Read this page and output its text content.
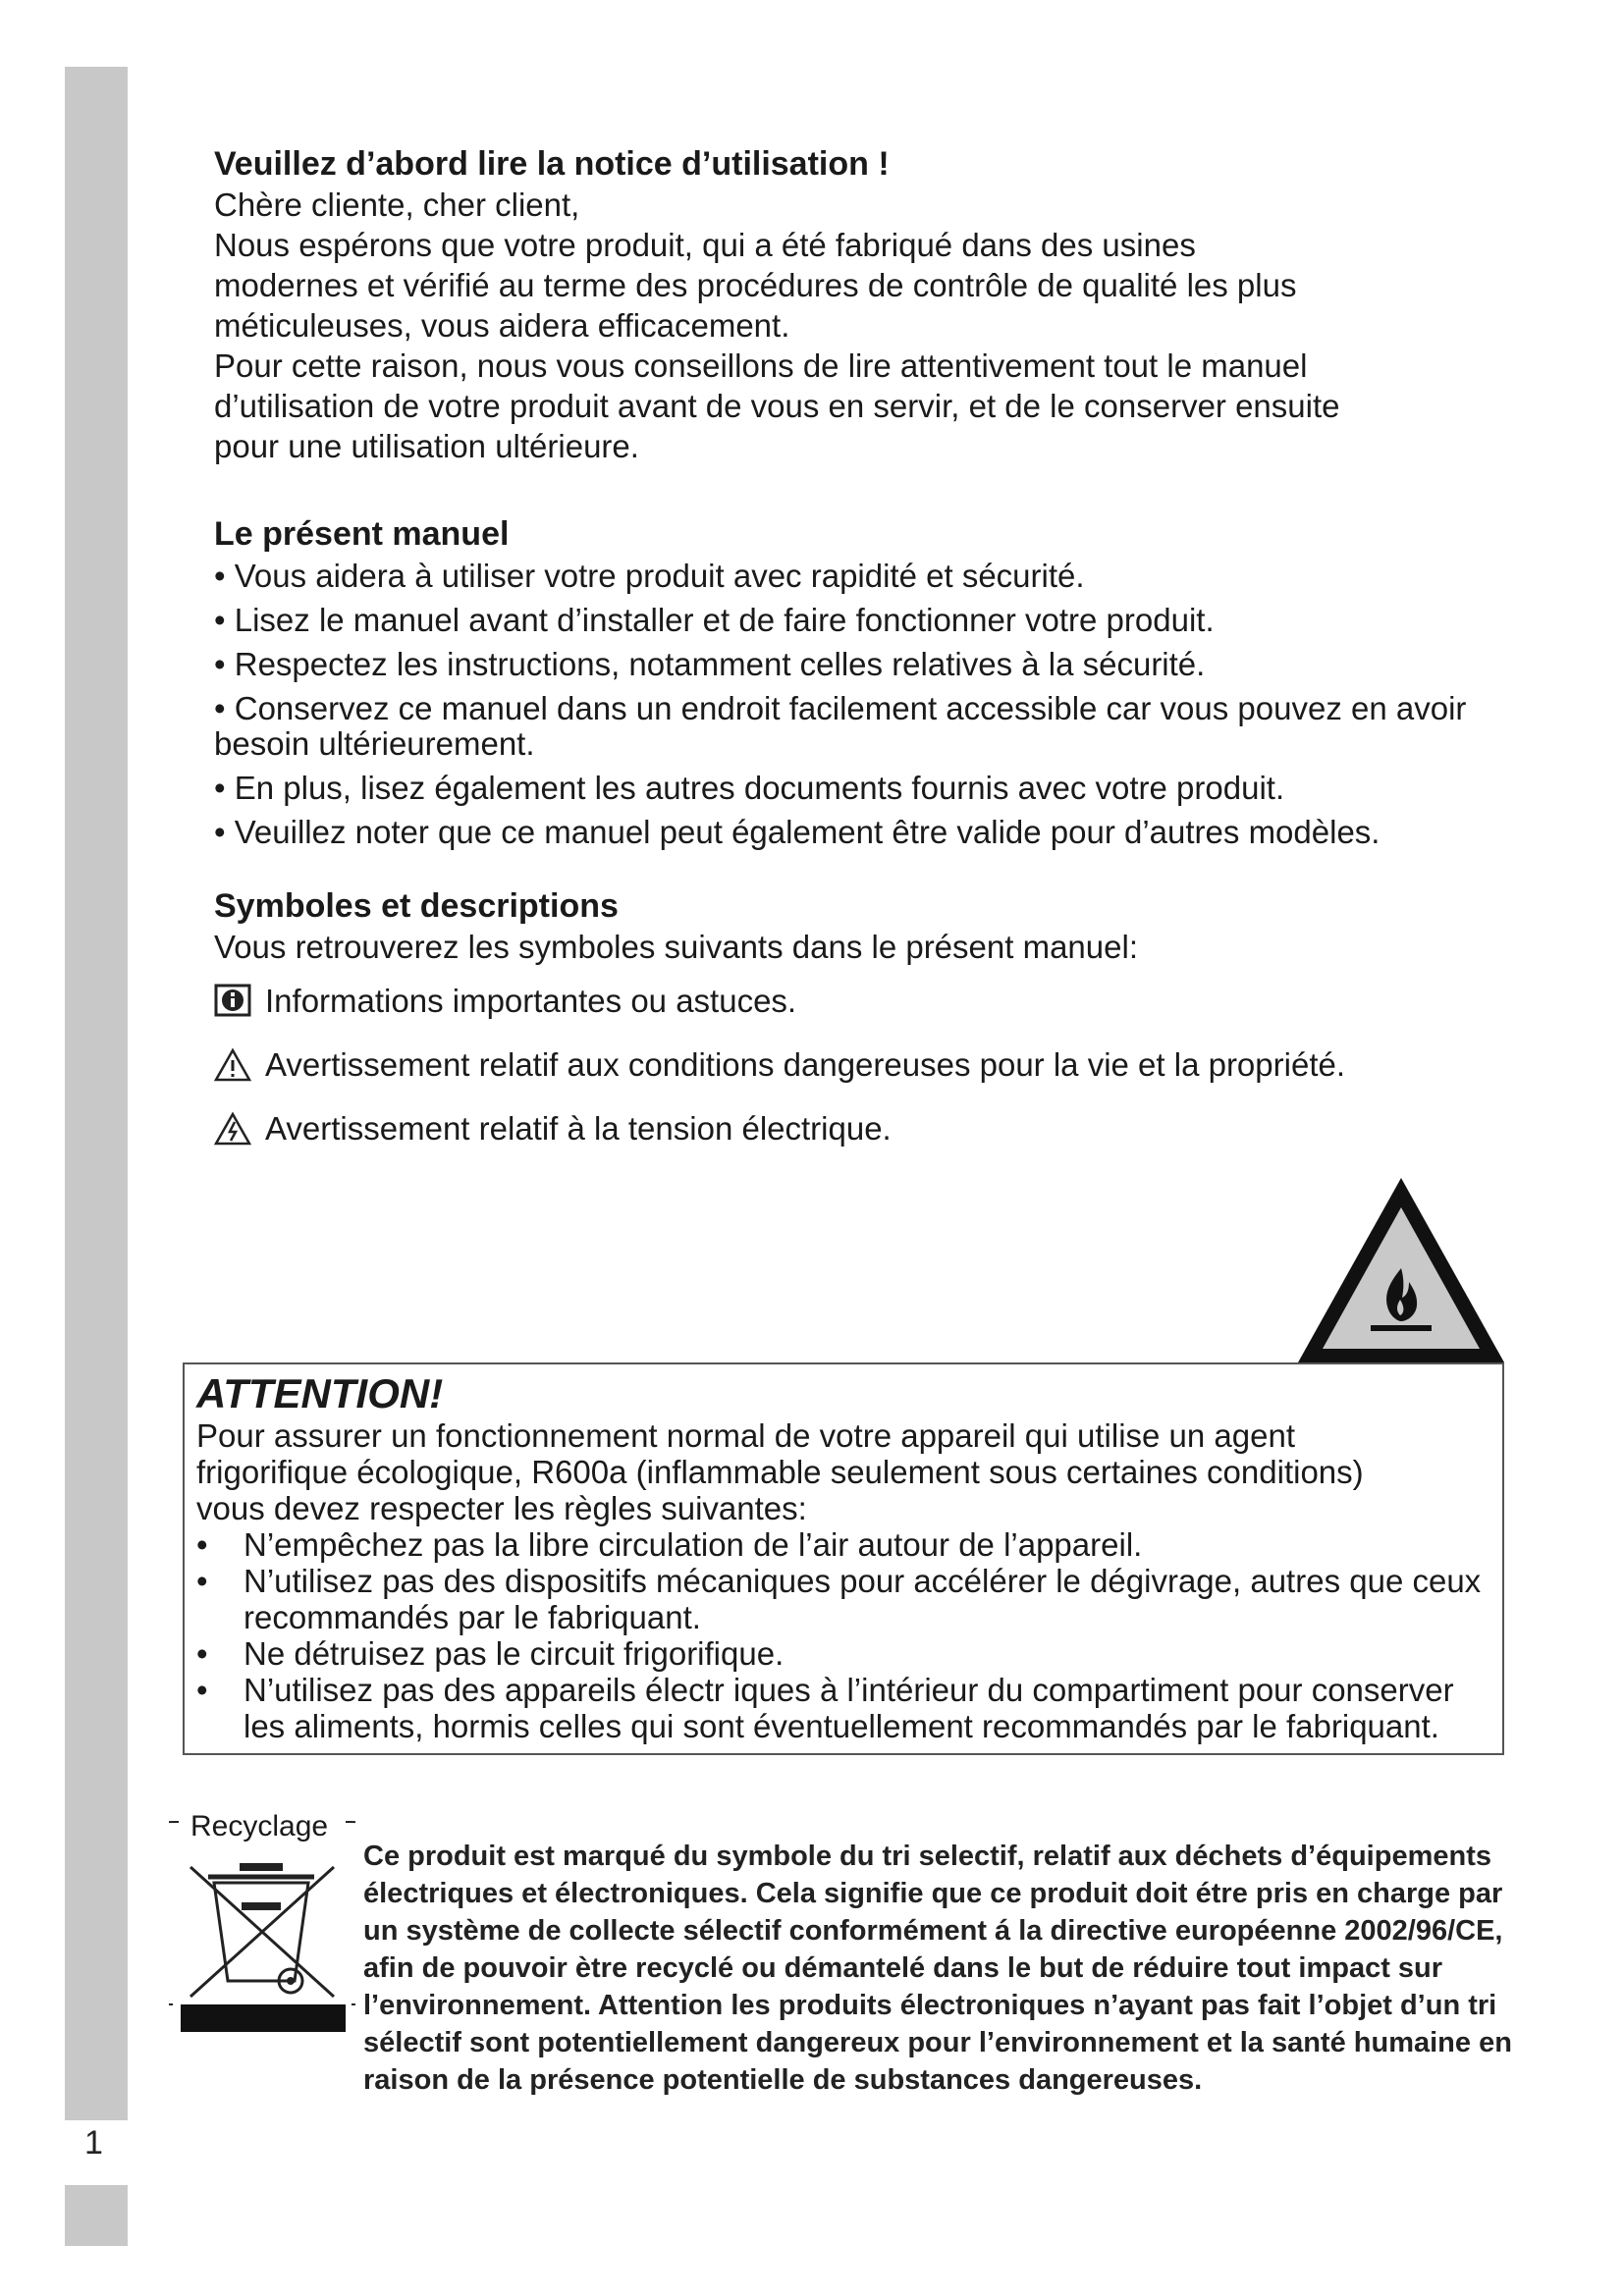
1

Veuillez d’abord lire la notice d’utilisation !

Chère cliente, cher client,

Nous espérons que votre produit, qui a été fabriqué dans des usines

modernes et vérifié au terme des procédures de contrôle de qualité les plus

méticuleuses, vous aidera efficacement.

Pour cette raison, nous vous conseillons de lire attentivement tout le manuel

d’utilisation de votre produit avant de vous en servir, et de le conserver ensuite

pour une utilisation ultérieure.

Le présent manuel

• Vous aidera à utiliser votre produit avec rapidité et sécurité.
• Lisez le manuel avant d’installer et de faire fonctionner votre produit.
• Respectez les instructions, notamment celles relatives à la sécurité.
• Conservez ce manuel dans un endroit facilement accessible car vous pouvez en avoir besoin ultérieurement.
• En plus, lisez également les autres documents fournis avec votre produit.
• Veuillez noter que ce manuel peut également être valide pour d’autres modèles.

Symboles et descriptions

Vous retrouverez les symboles suivants dans le présent manuel:

Informations importantes ou astuces.
Avertissement relatif aux conditions dangereuses pour la vie et la propriété.
Avertissement relatif à la tension électrique.

ATTENTION!

Pour assurer un fonctionnement normal de votre appareil qui utilise un agent

frigorifique écologique, R600a (inflammable seulement sous certaines conditions)

vous devez respecter les règles suivantes:

• N’empêchez pas la libre circulation de l’air autour de l’appareil.
• N’utilisez pas des dispositifs mécaniques pour accélérer le dégivrage, autres que ceux recommandés par le fabriquant.
• Ne détruisez pas le circuit frigorifique.
• N’utilisez pas des appareils électr iques à l’intérieur du compartiment pour conserver les aliments, hormis celles qui sont éventuellement recommandés par le fabriquant.
Recyclage
Ce produit est marqué du symbole du tri selectif, relatif aux déchets d’équipements
électriques et électroniques. Cela signifie que ce produit doit étre pris en charge par
un système de collecte sélectif conformément á la directive européenne 2002/96/CE,
afin de pouvoir ètre recyclé ou démantelé dans le but de réduire tout impact sur
l’environnement. Attention les produits électroniques n’ayant pas fait l’objet d’un tri
sélectif sont potentiellement dangereux pour l’environnement et la santé humaine en
raison de la présence potentielle de substances dangereuses.
